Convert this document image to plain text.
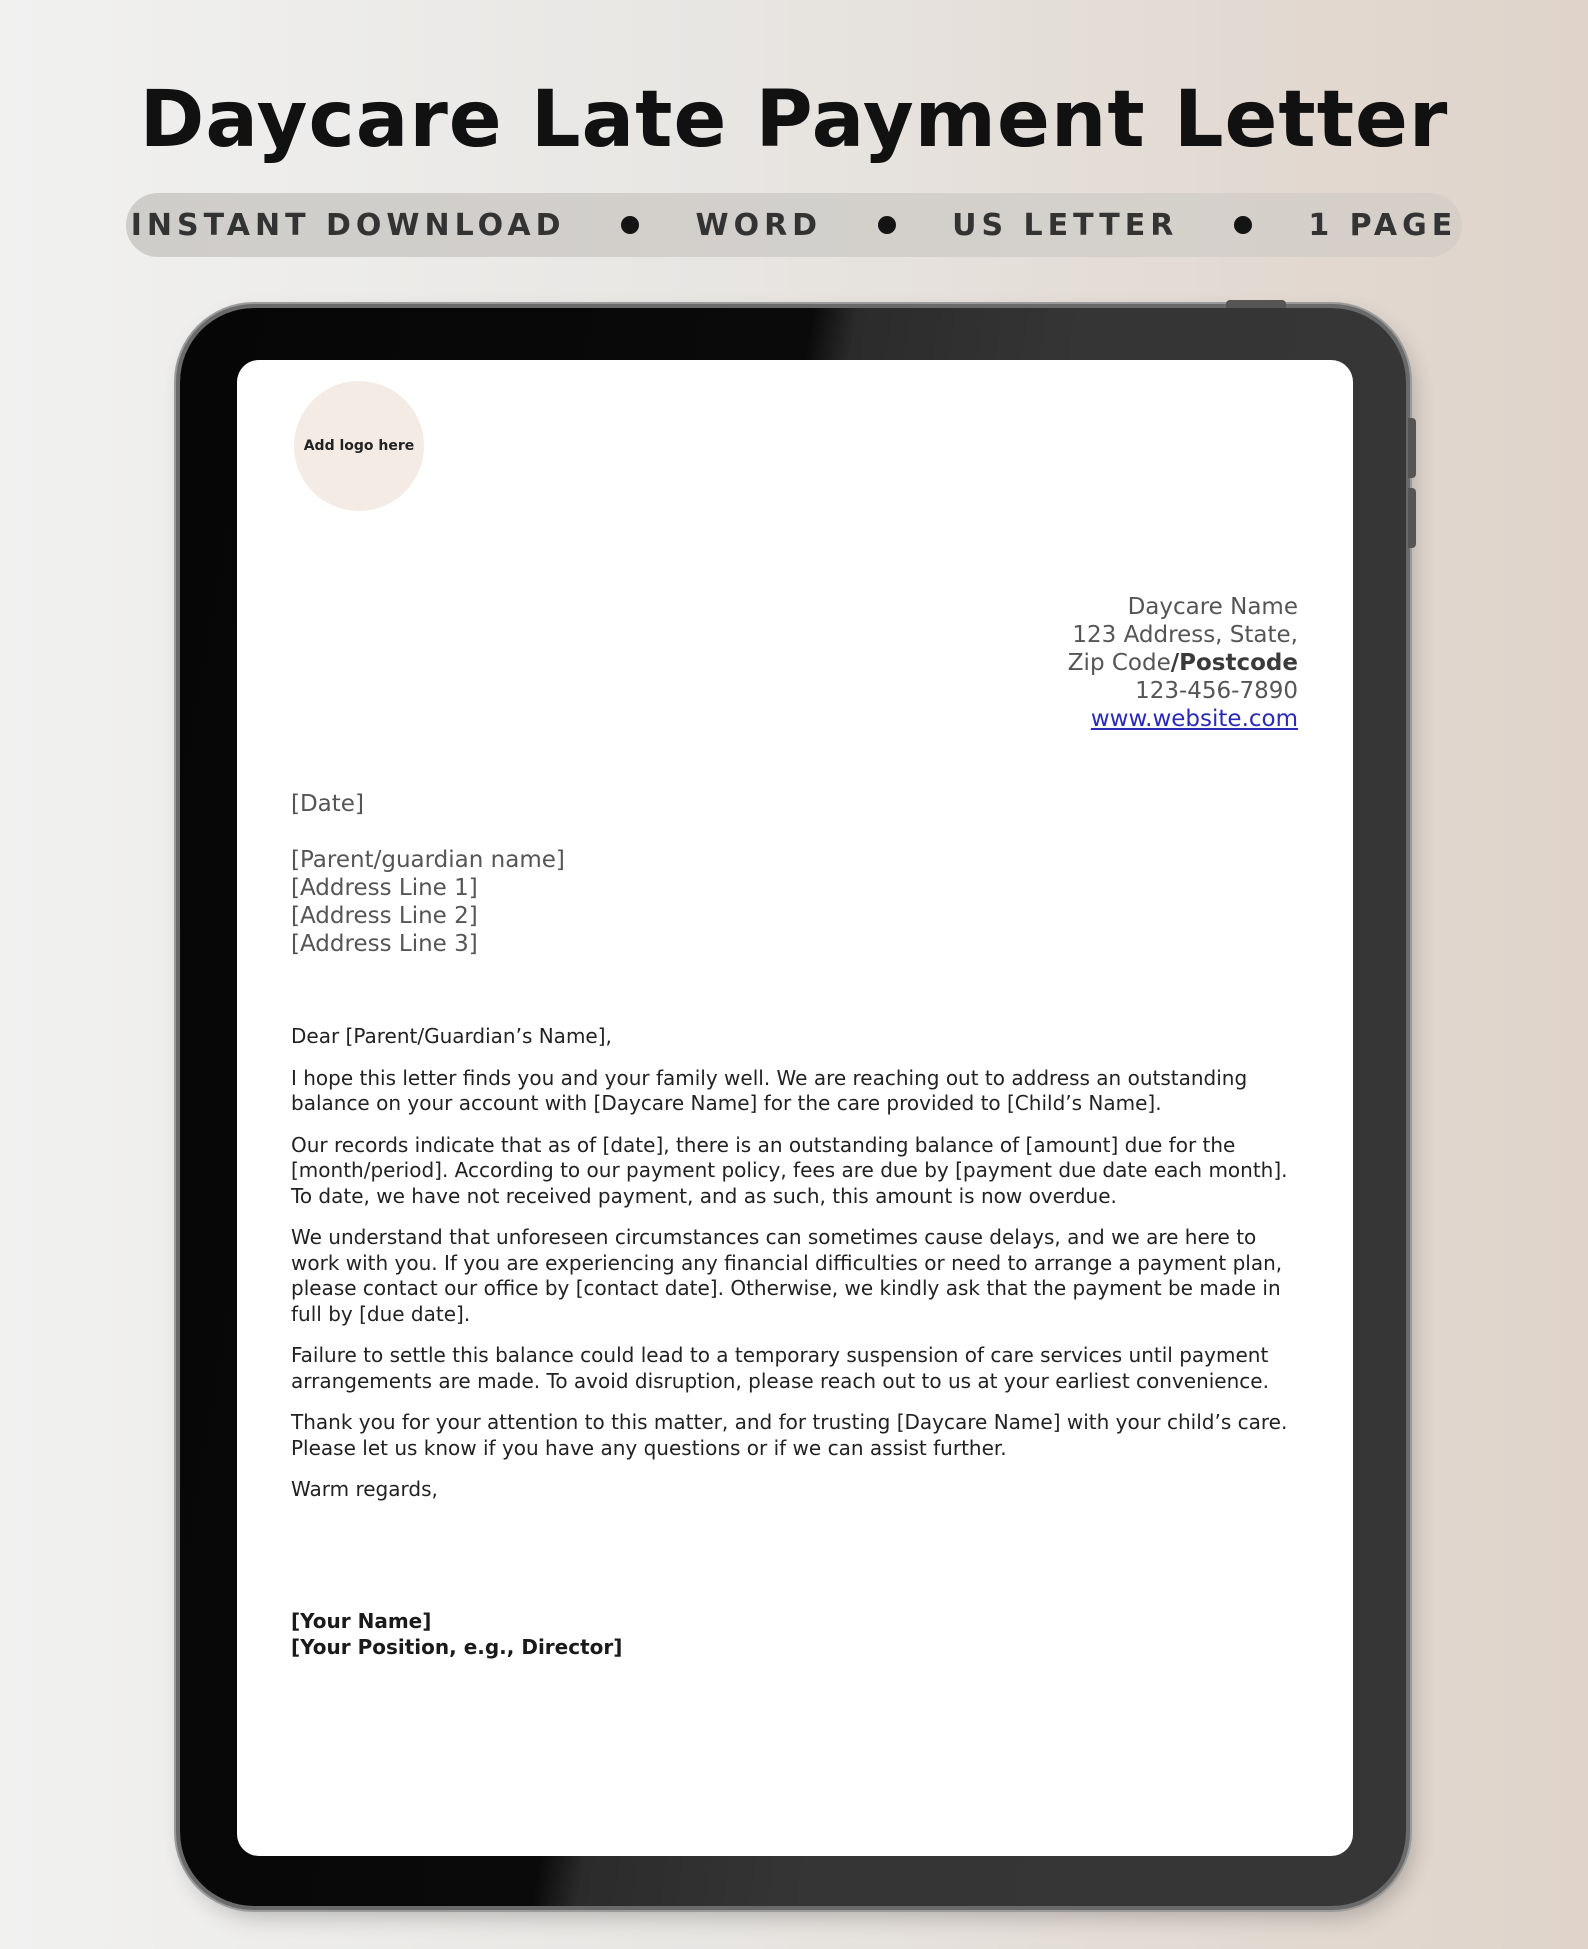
Daycare Late Payment Letter
INSTANT DOWNLOAD	WORD	US LETTER	1 PAGE
Add logo here
Daycare Name
123 Address, State,
Zip Code/Postcode
123-456-7890
www.website.com
[Date]
[Parent/guardian name]
[Address Line 1]
[Address Line 2]
[Address Line 3]

Dear [Parent/Guardian’s Name],

I hope this letter finds you and your family well. We are reaching out to address an outstanding balance on your account with [Daycare Name] for the care provided to [Child’s Name].

Our records indicate that as of [date], there is an outstanding balance of [amount] due for the [month/period]. According to our payment policy, fees are due by [payment due date each month]. To date, we have not received payment, and as such, this amount is now overdue.

We understand that unforeseen circumstances can sometimes cause delays, and we are here to work with you. If you are experiencing any financial difficulties or need to arrange a payment plan, please contact our office by [contact date]. Otherwise, we kindly ask that the payment be made in full by [due date].

Failure to settle this balance could lead to a temporary suspension of care services until payment arrangements are made. To avoid disruption, please reach out to us at your earliest convenience.

Thank you for your attention to this matter, and for trusting [Daycare Name] with your child’s care. Please let us know if you have any questions or if we can assist further.

Warm regards,

[Your Name]
[Your Position, e.g., Director]
